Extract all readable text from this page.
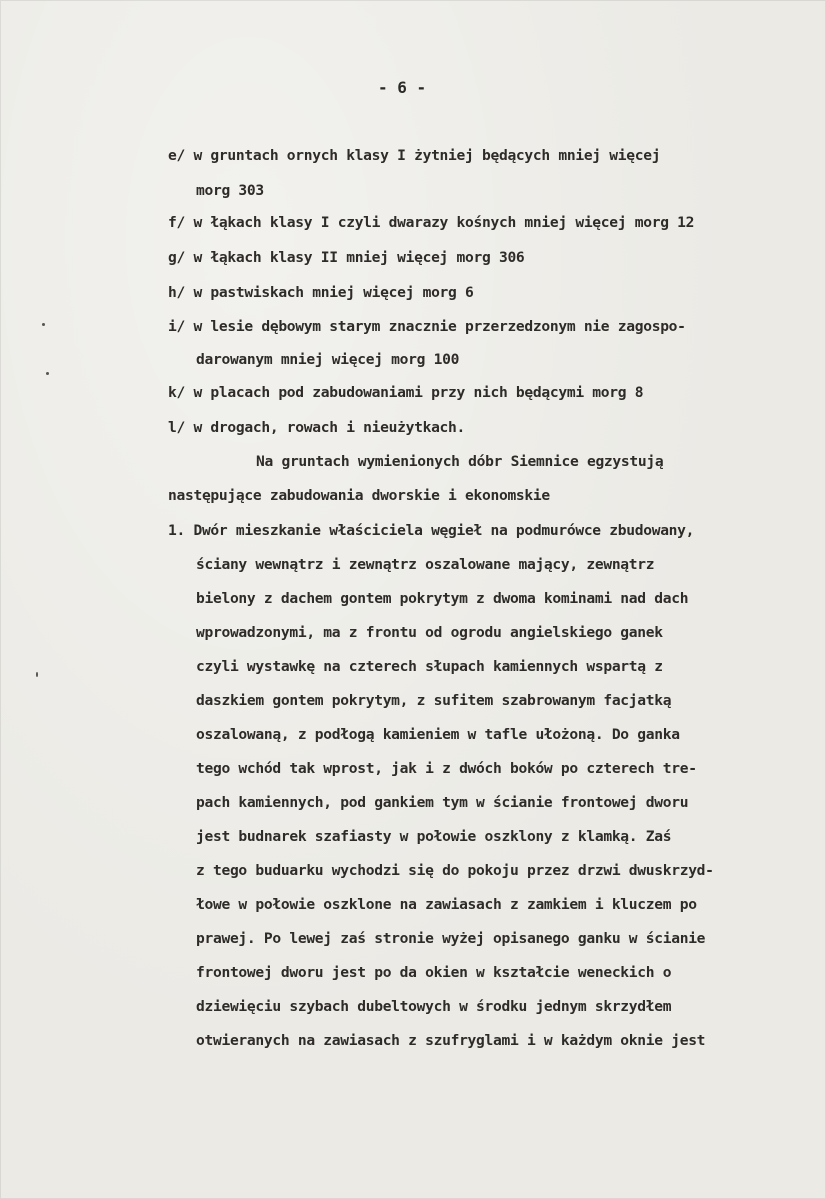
- 6 -
e/ w gruntach ornych klasy I żytniej będących mniej więcej
morg 303
f/ w łąkach klasy I czyli dwarazy kośnych mniej więcej morg 12
g/ w łąkach klasy II mniej więcej morg 306
h/ w pastwiskach mniej więcej morg 6
i/ w lesie dębowym starym znacznie przerzedzonym nie zagospo-
darowanym mniej więcej morg 100
k/ w placach pod zabudowaniami przy nich będącymi morg 8
l/ w drogach, rowach i nieużytkach.
Na gruntach wymienionych dóbr Siemnice egzystują
następujące zabudowania dworskie i ekonomskie
1. Dwór mieszkanie właściciela węgieł na podmurówce zbudowany,
ściany wewnątrz i zewnątrz oszalowane mający, zewnątrz
bielony z dachem gontem pokrytym z dwoma kominami nad dach
wprowadzonymi, ma z frontu od ogrodu angielskiego ganek
czyli wystawkę na czterech słupach kamiennych wspartą z
daszkiem gontem pokrytym, z sufitem szabrowanym facjatką
oszalowaną, z podłogą kamieniem w tafle ułożoną. Do ganka
tego wchód tak wprost, jak i z dwóch boków po czterech tre-
pach kamiennych, pod gankiem tym w ścianie frontowej dworu
jest budnarek szafiasty w połowie oszklony z klamką. Zaś
z tego buduarku wychodzi się do pokoju przez drzwi dwuskrzyd-
łowe w połowie oszklone na zawiasach z zamkiem i kluczem po
prawej. Po lewej zaś stronie wyżej opisanego ganku w ścianie
frontowej dworu jest po da okien w kształcie weneckich o
dziewięciu szybach dubeltowych w środku jednym skrzydłem
otwieranych na zawiasach z szufryglami i w każdym oknie jest
